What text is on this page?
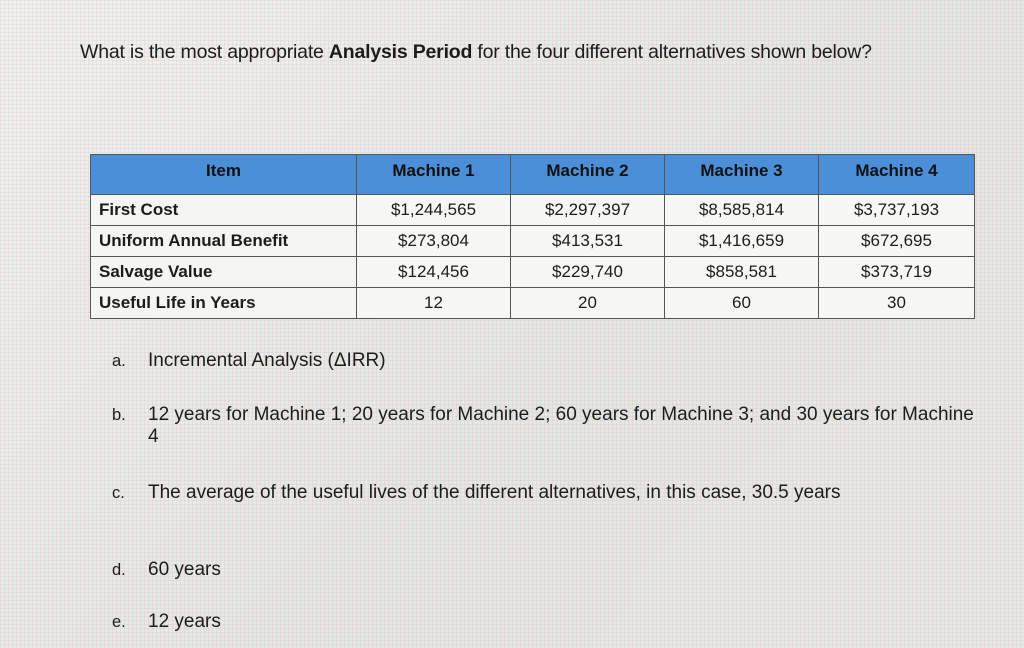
What is the most appropriate Analysis Period for the four different alternatives shown below?
Item	Machine 1	Machine 2	Machine 3	Machine 4
First Cost	$1,244,565	$2,297,397	$8,585,814	$3,737,193
Uniform Annual Benefit	$273,804	$413,531	$1,416,659	$672,695
Salvage Value	$124,456	$229,740	$858,581	$373,719
Useful Life in Years	12	20	60	30
a.	Incremental Analysis (ΔIRR)
b.	12 years for Machine 1; 20 years for Machine 2; 60 years for Machine 3; and 30 years for Machine 4
c.	The average of the useful lives of the different alternatives, in this case, 30.5 years
d.	60 years
e.	12 years
